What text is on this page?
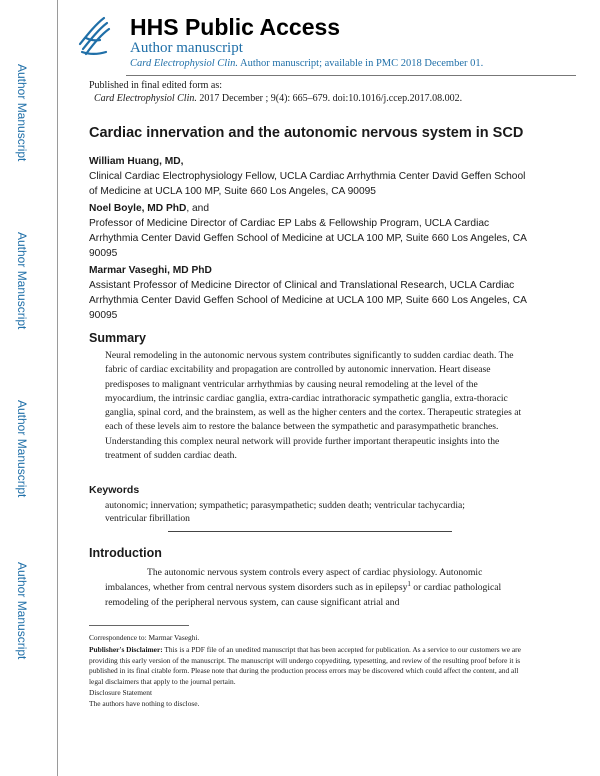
Author Manuscript
Author Manuscript
Author Manuscript
Author Manuscript
HHS Public Access
Author manuscript
Card Electrophysiol Clin. Author manuscript; available in PMC 2018 December 01.
Published in final edited form as:
Card Electrophysiol Clin. 2017 December ; 9(4): 665–679. doi:10.1016/j.ccep.2017.08.002.
Cardiac innervation and the autonomic nervous system in SCD
William Huang, MD,
Clinical Cardiac Electrophysiology Fellow, UCLA Cardiac Arrhythmia Center David Geffen School of Medicine at UCLA 100 MP, Suite 660 Los Angeles, CA 90095
Noel Boyle, MD PhD, and
Professor of Medicine Director of Cardiac EP Labs & Fellowship Program, UCLA Cardiac Arrhythmia Center David Geffen School of Medicine at UCLA 100 MP, Suite 660 Los Angeles, CA 90095
Marmar Vaseghi, MD PhD
Assistant Professor of Medicine Director of Clinical and Translational Research, UCLA Cardiac Arrhythmia Center David Geffen School of Medicine at UCLA 100 MP, Suite 660 Los Angeles, CA 90095
Summary
Neural remodeling in the autonomic nervous system contributes significantly to sudden cardiac death. The fabric of cardiac excitability and propagation are controlled by autonomic innervation. Heart disease predisposes to malignant ventricular arrhythmias by causing neural remodeling at the level of the myocardium, the intrinsic cardiac ganglia, extra-cardiac intrathoracic sympathetic ganglia, extra-thoracic ganglia, spinal cord, and the brainstem, as well as the higher centers and the cortex. Therapeutic strategies at each of these levels aim to restore the balance between the sympathetic and parasympathetic branches. Understanding this complex neural network will provide further important therapeutic insights into the treatment of sudden cardiac death.
Keywords
autonomic; innervation; sympathetic; parasympathetic; sudden death; ventricular tachycardia; ventricular fibrillation
Introduction
The autonomic nervous system controls every aspect of cardiac physiology. Autonomic imbalances, whether from central nervous system disorders such as in epilepsy$^1$ or cardiac pathological remodeling of the peripheral nervous system, can cause significant atrial and
Correspondence to: Marmar Vaseghi.
Publisher's Disclaimer: This is a PDF file of an unedited manuscript that has been accepted for publication. As a service to our customers we are providing this early version of the manuscript. The manuscript will undergo copyediting, typesetting, and review of the resulting proof before it is published in its final citable form. Please note that during the production process errors may be discovered which could affect the content, and all legal disclaimers that apply to the journal pertain.
Disclosure Statement
The authors have nothing to disclose.
